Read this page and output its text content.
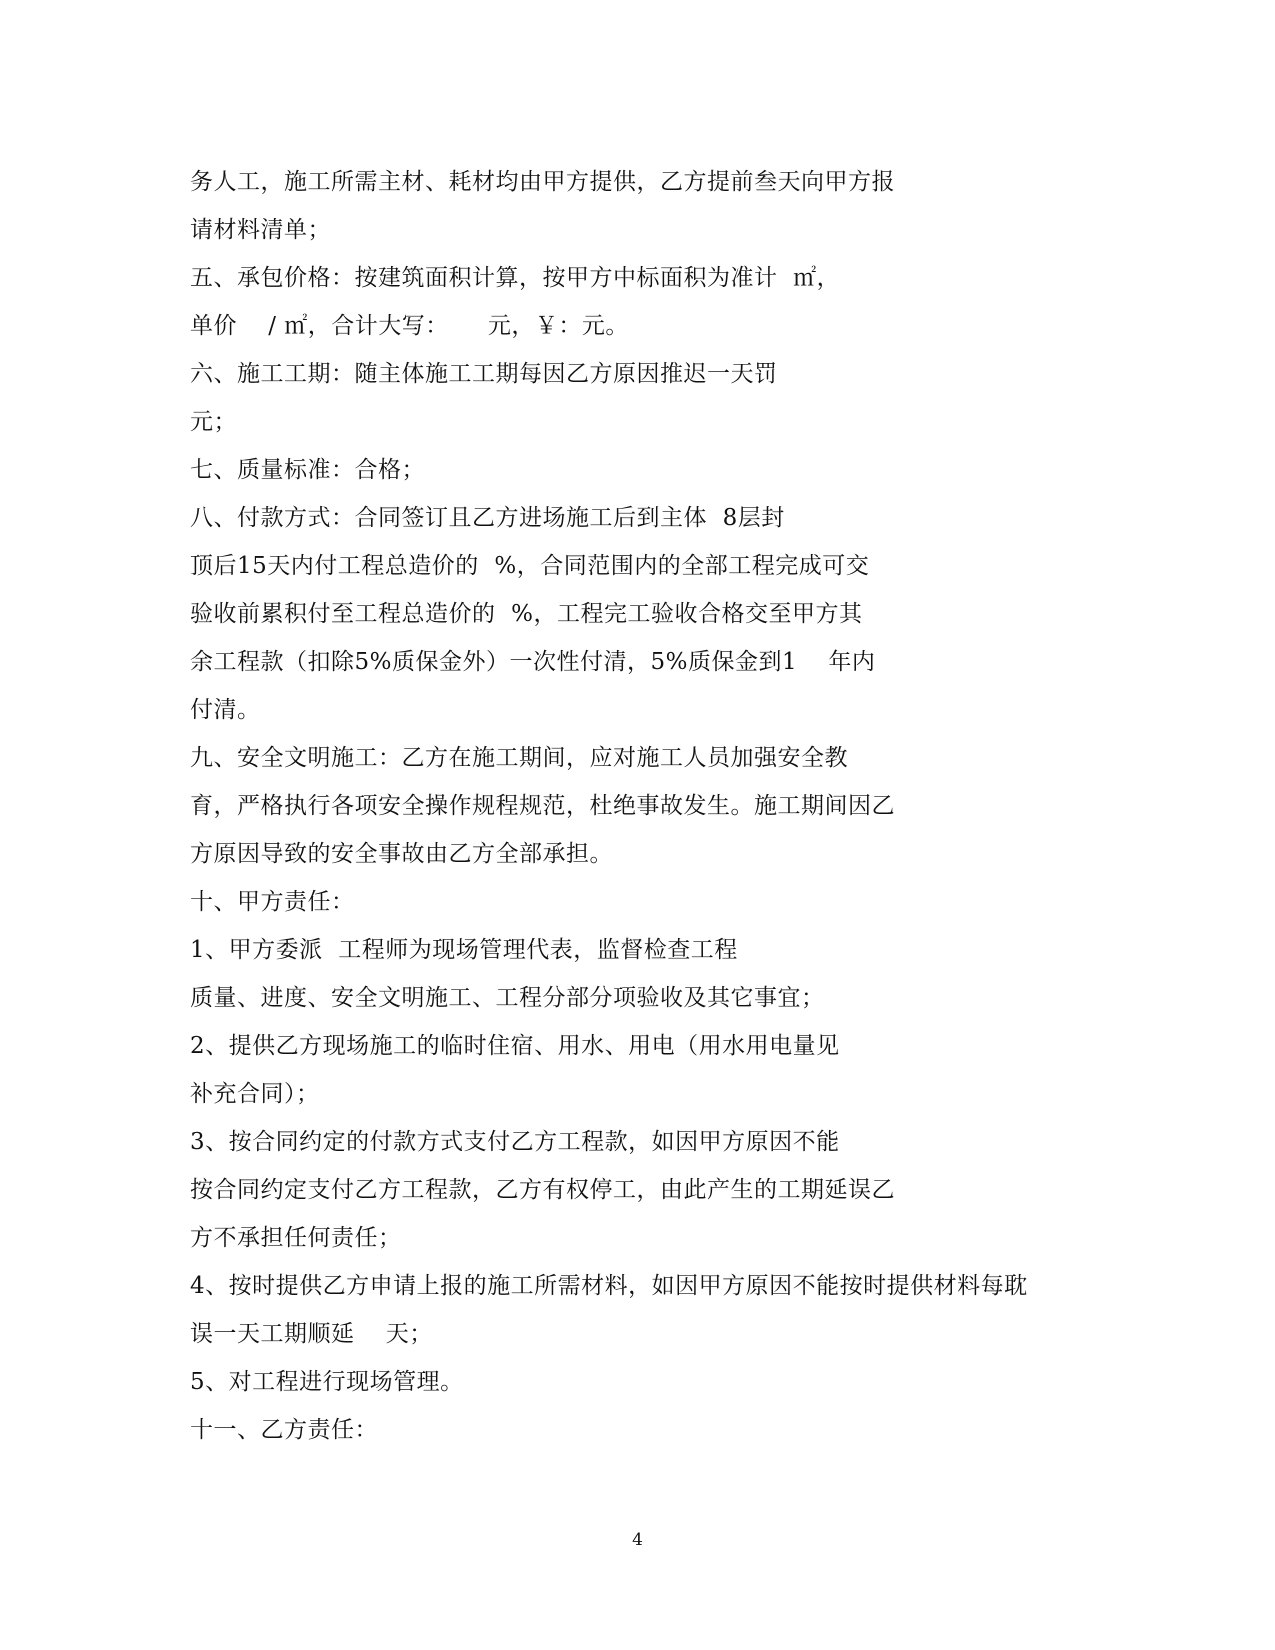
务人工，施工所需主材、耗材均由甲方提供，乙方提前叁天向甲方报
请材料清单；
五、承包价格：按建筑面积计算，按甲方中标面积为准计  ㎡，
单价    / ㎡，合计大写：     元，￥：元。
六、施工工期：随主体施工工期每因乙方原因推迟一天罚
元；
七、质量标准：合格；
八、付款方式：合同签订且乙方进场施工后到主体  8层封
顶后15天内付工程总造价的  %，合同范围内的全部工程完成可交
验收前累积付至工程总造价的  %，工程完工验收合格交至甲方其
余工程款（扣除5%质保金外）一次性付清，5%质保金到1    年内
付清。
九、安全文明施工：乙方在施工期间，应对施工人员加强安全教
育，严格执行各项安全操作规程规范，杜绝事故发生。施工期间因乙
方原因导致的安全事故由乙方全部承担。
十、甲方责任：
1、甲方委派  工程师为现场管理代表，监督检查工程
质量、进度、安全文明施工、工程分部分项验收及其它事宜；
2、提供乙方现场施工的临时住宿、用水、用电（用水用电量见
补充合同）；
3、按合同约定的付款方式支付乙方工程款，如因甲方原因不能
按合同约定支付乙方工程款，乙方有权停工，由此产生的工期延误乙
方不承担任何责任；
4、按时提供乙方申请上报的施工所需材料，如因甲方原因不能按时提供材料每耽
误一天工期顺延    天；
5、对工程进行现场管理。
十一、乙方责任：
4
